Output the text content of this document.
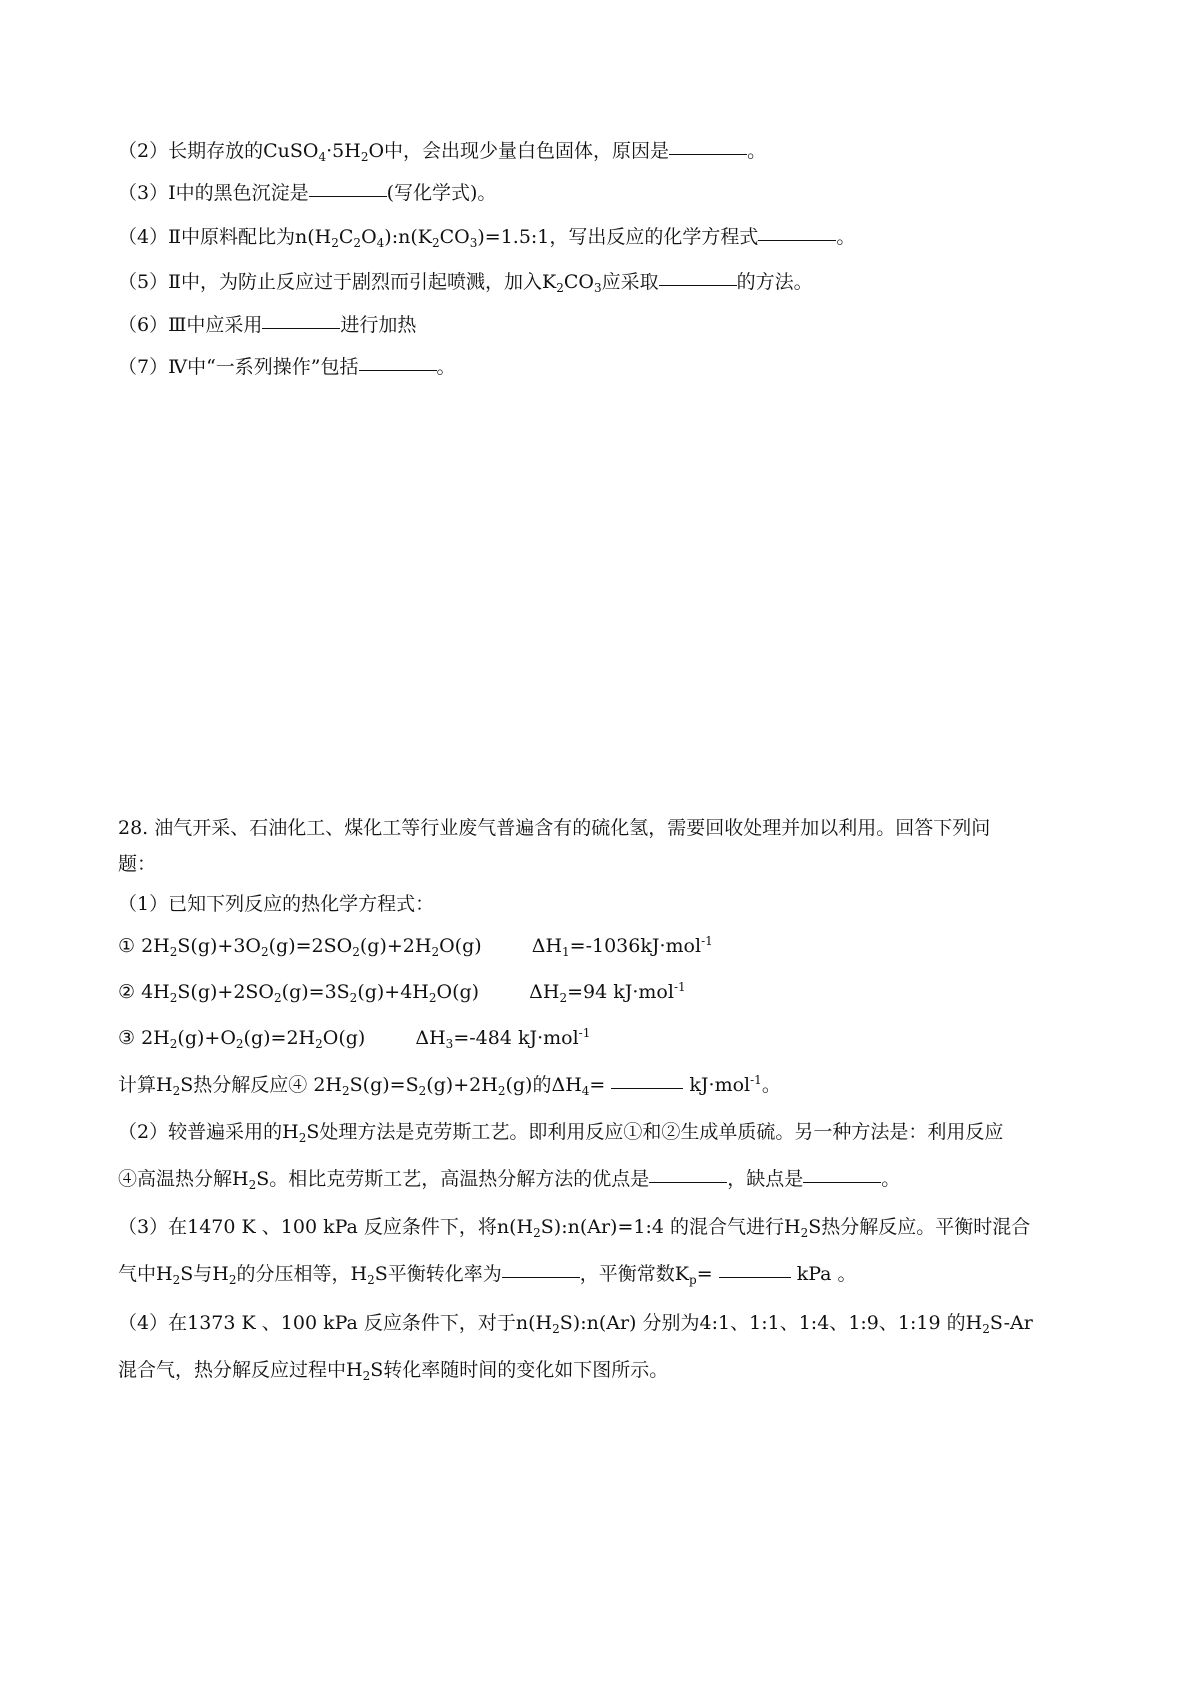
（2）长期存放的$CuSO_4\cdot 5H_2O$中，会出现少量白色固体，原因是	。
（3）Ⅰ中的黑色沉淀是	(写化学式)。
（4）Ⅱ中原料配比为$n(H_2C_2O_4):n(K_2CO_3)=1.5:1$，写出反应的化学方程式	。
（5）Ⅱ中，为防止反应过于剧烈而引起喷溅，加入$K_2CO_3$应采取	的方法。
（6）Ⅲ中应采用	进行加热
（7）Ⅳ中“一系列操作”包括	。
28. 油气开采、石油化工、煤化工等行业废气普遍含有的硫化氢，需要回收处理并加以利用。回答下列问
题：
（1）已知下列反应的热化学方程式：
① $2H_2S(g)+3O_2(g)=2SO_2(g)+2H_2O(g)$	$\Delta H_1=-1036kJ\cdot mol^{-1}$
② $4H_2S(g)+2SO_2(g)=3S_2(g)+4H_2O(g)$	$\Delta H_2=94$ kJ·mol$^{-1}$
③ $2H_2(g)+O_2(g)=2H_2O(g)$	$\Delta H_3=-484$ kJ·mol$^{-1}$
计算$H_2S$热分解反应④ $2H_2S(g)=S_2(g)+2H_2(g)$的$\Delta H_4=$	kJ·mol$^{-1}$。
（2）较普遍采用的$H_2S$处理方法是克劳斯工艺。即利用反应①和②生成单质硫。另一种方法是：利用反应
④高温热分解$H_2S$。相比克劳斯工艺，高温热分解方法的优点是	，缺点是	。
（3）在1470 K 、100 kPa 反应条件下，将$n(H_2S):n(Ar)=1:4$ 的混合气进行$H_2S$热分解反应。平衡时混合
气中$H_2S$与$H_2$的分压相等，$H_2S$平衡转化率为	，平衡常数$K_p=$	kPa 。
（4）在1373 K 、100 kPa 反应条件下，对于$n(H_2S):n(Ar)$ 分别为4:1、1:1、1:4、1:9、1:19 的$H_2S-Ar$
混合气，热分解反应过程中$H_2S$转化率随时间的变化如下图所示。
